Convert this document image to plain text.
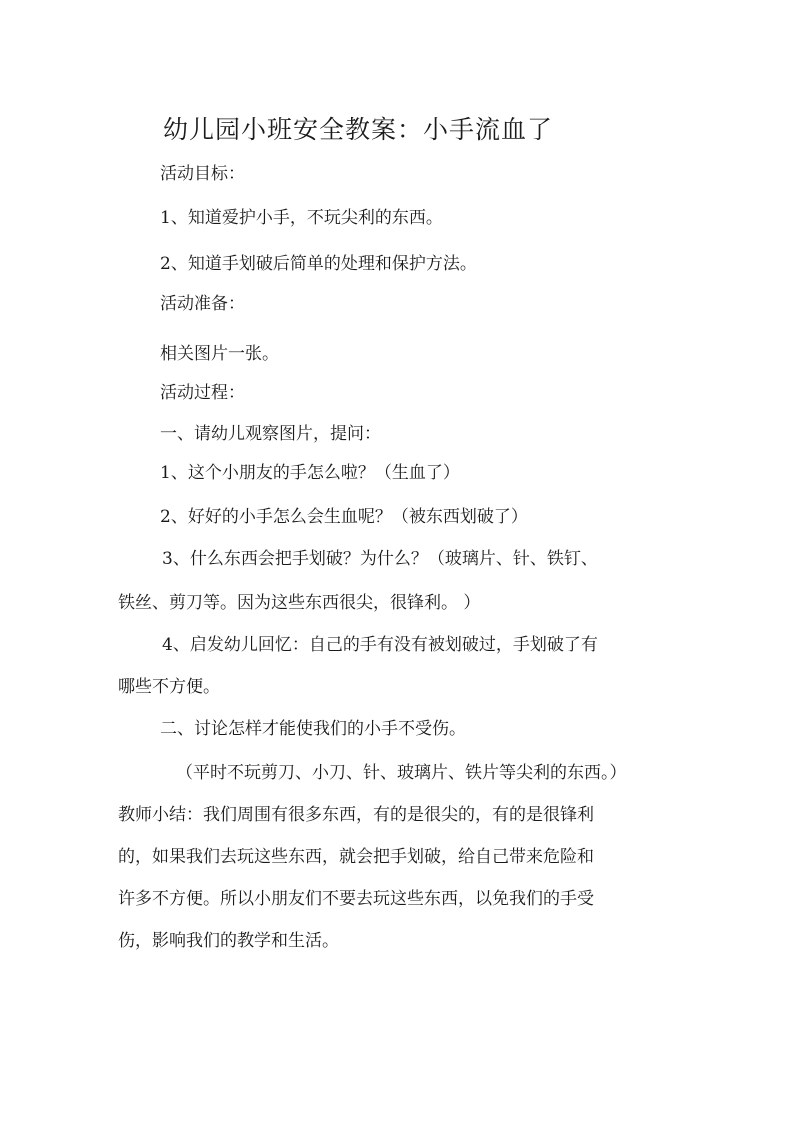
幼儿园小班安全教案：小手流血了
活动目标：
1、知道爱护小手，不玩尖利的东西。
2、知道手划破后简单的处理和保护方法。
活动准备：
相关图片一张。
活动过程：
一、请幼儿观察图片，提问：
1、这个小朋友的手怎么啦？（生血了）
2、好好的小手怎么会生血呢？（被东西划破了）
3、什么东西会把手划破？为什么？（玻璃片、针、铁钉、
铁丝、剪刀等。因为这些东西很尖，很锋利。 ）
4、启发幼儿回忆：自己的手有没有被划破过，手划破了有
哪些不方便。
二、讨论怎样才能使我们的小手不受伤。
（平时不玩剪刀、小刀、针、玻璃片、铁片等尖利的东西。）
教师小结：我们周围有很多东西，有的是很尖的，有的是很锋利
的，如果我们去玩这些东西，就会把手划破，给自己带来危险和
许多不方便。所以小朋友们不要去玩这些东西，以免我们的手受
伤，影响我们的教学和生活。
